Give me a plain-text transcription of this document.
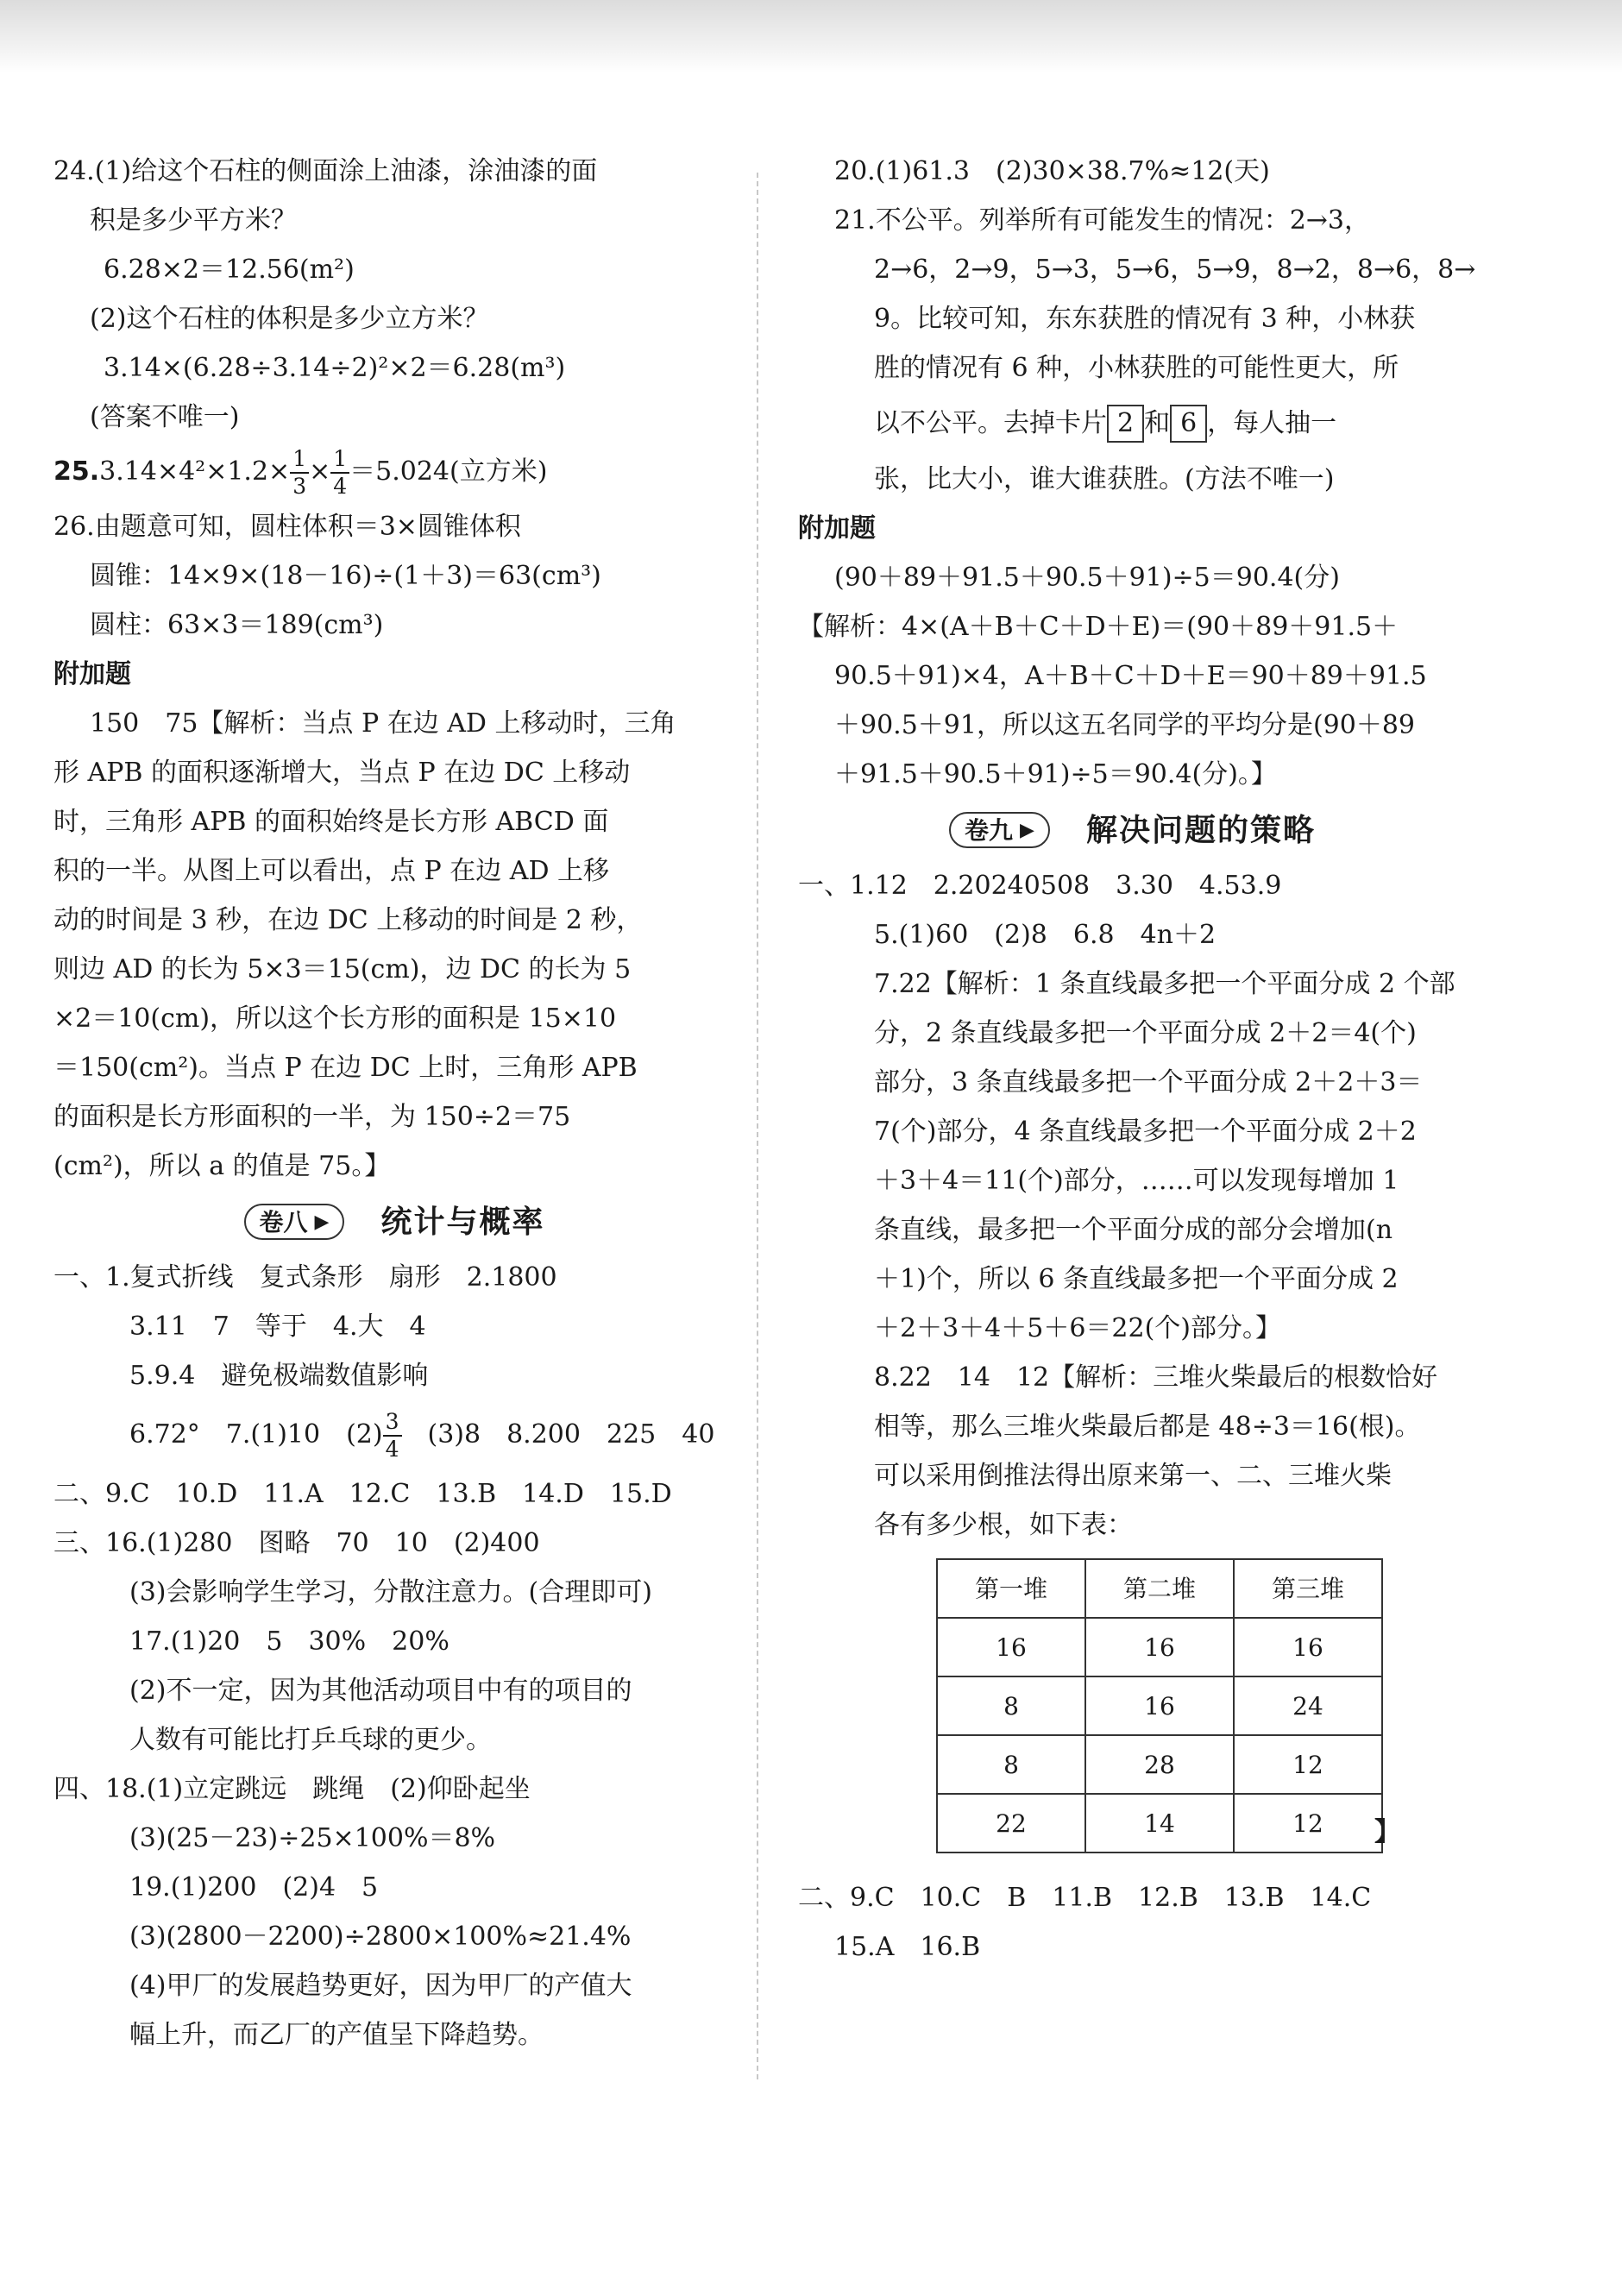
24.(1)给这个石柱的侧面涂上油漆，涂油漆的面
积是多少平方米？
6.28×2＝12.56(m²)
(2)这个石柱的体积是多少立方米？
3.14×(6.28÷3.14÷2)²×2＝6.28(m³)
(答案不唯一)
$25.3.14\times 4^2\times 1.2\times \frac{1}{3} \times \frac{1}{4} =5.024$(立方米)
26.由题意可知，圆柱体积＝3×圆锥体积
圆锥：14×9×(18－16)÷(1＋3)＝63(cm³)
圆柱：63×3＝189(cm³)
附加题
150　75【解析：当点 P 在边 AD 上移动时，三角
形 APB 的面积逐渐增大，当点 P 在边 DC 上移动
时，三角形 APB 的面积始终是长方形 ABCD 面
积的一半。从图上可以看出，点 P 在边 AD 上移
动的时间是 3 秒，在边 DC 上移动的时间是 2 秒，
则边 AD 的长为 5×3＝15(cm)，边 DC 的长为 5
×2＝10(cm)，所以这个长方形的面积是 15×10
＝150(cm²)。当点 P 在边 DC 上时，三角形 APB
的面积是长方形面积的一半，为 150÷2＝75
(cm²)，所以 a 的值是 75。】
卷八 ▶ 统计与概率
一、1.复式折线　复式条形　扇形　2.1800
3.11　7　等于　4.大　4
5.9.4　避免极端数值影响
6.72°　7.(1)10　$(2) \frac{3}{4}$ 　(3)8　8.200　225　40
二、9.C　10.D　11.A　12.C　13.B　14.D　15.D
三、16.(1)280　图略　70　10　(2)400
(3)会影响学生学习，分散注意力。(合理即可)
17.(1)20　5　30%　20%
(2)不一定，因为其他活动项目中有的项目的
人数有可能比打乒乓球的更少。
四、18.(1)立定跳远　跳绳　(2)仰卧起坐
(3)(25－23)÷25×100%＝8%
19.(1)200　(2)4　5
(3)(2800－2200)÷2800×100%≈21.4%
(4)甲厂的发展趋势更好，因为甲厂的产值大
幅上升，而乙厂的产值呈下降趋势。
20.(1)61.3　(2)30×38.7%≈12(天)
21.不公平。列举所有可能发生的情况：2→3，
2→6，2→9，5→3，5→6，5→9，8→2，8→6，8→
9。比较可知，东东获胜的情况有 3 种，小林获
胜的情况有 6 种，小林获胜的可能性更大，所
以不公平。去掉卡片 2 和 6 ，每人抽一
张，比大小，谁大谁获胜。(方法不唯一)
附加题
(90＋89＋91.5＋90.5＋91)÷5＝90.4(分)
【解析：4×(A＋B＋C＋D＋E)＝(90＋89＋91.5＋
90.5＋91)×4，A＋B＋C＋D＋E＝90＋89＋91.5
＋90.5＋91，所以这五名同学的平均分是(90＋89
＋91.5＋90.5＋91)÷5＝90.4(分)。】
卷九 ▶ 解决问题的策略
一、1.12　2.20240508　3.30　4.53.9
5.(1)60　(2)8　6.8　4n＋2
7.22【解析：1 条直线最多把一个平面分成 2 个部
分，2 条直线最多把一个平面分成 2＋2＝4(个)
部分，3 条直线最多把一个平面分成 2＋2＋3＝
7(个)部分，4 条直线最多把一个平面分成 2＋2
＋3＋4＝11(个)部分，……可以发现每增加 1
条直线，最多把一个平面分成的部分会增加(n
＋1)个，所以 6 条直线最多把一个平面分成 2
＋2＋3＋4＋5＋6＝22(个)部分。】
8.22　14　12【解析：三堆火柴最后的根数恰好
相等，那么三堆火柴最后都是 48÷3＝16(根)。
可以采用倒推法得出原来第一、二、三堆火柴
各有多少根，如下表：
第一堆	第二堆	第三堆
16	16	16
8	16	24
8	28	12
22	14	12 】
二、9.C　10.C　B　11.B　12.B　13.B　14.C
15.A　16.B
